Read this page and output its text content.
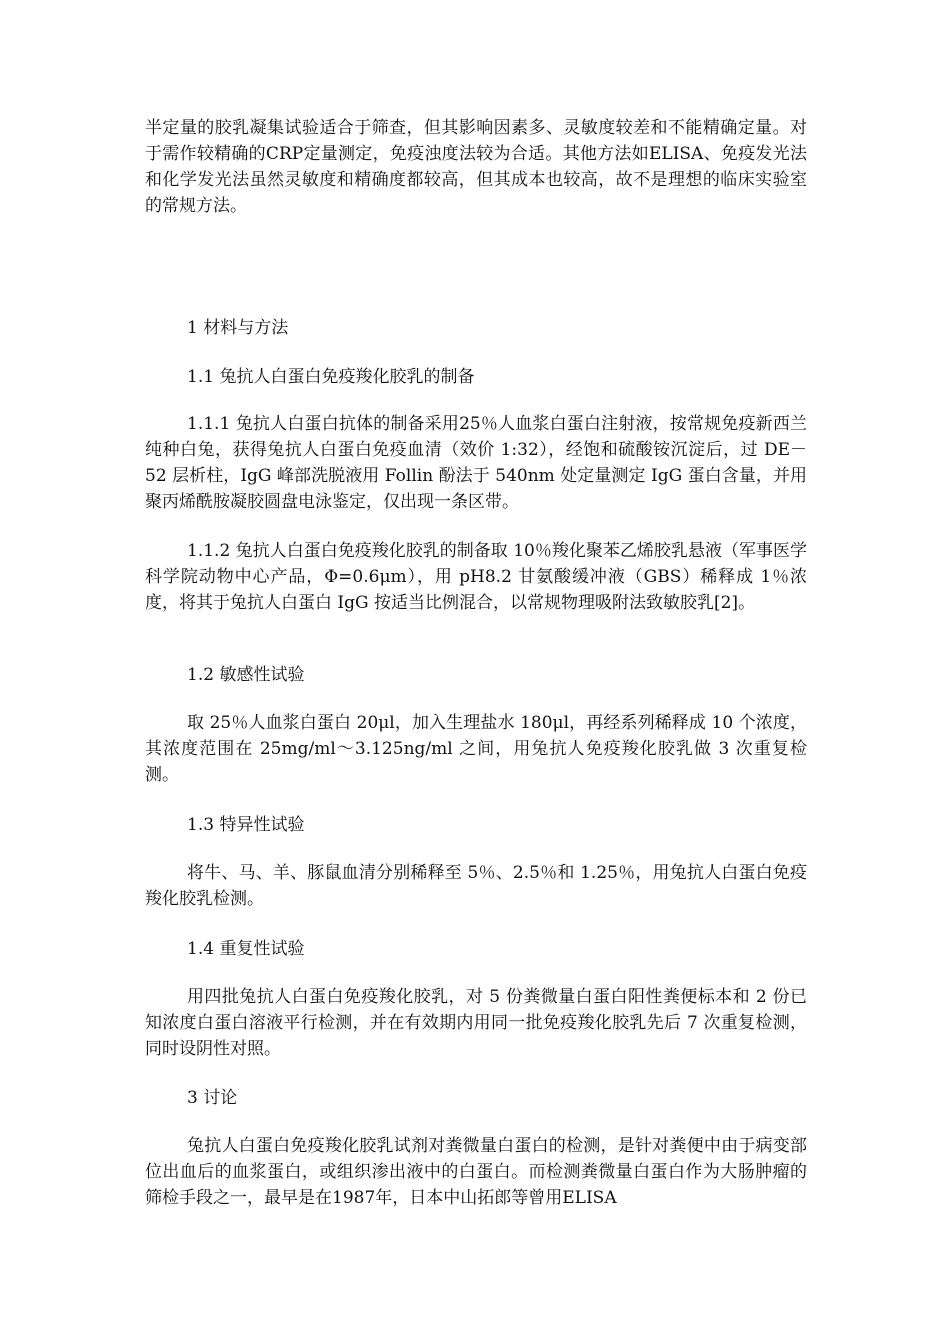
半定量的胶乳凝集试验适合于筛查，但其影响因素多、灵敏度较差和不能精确定量。对于需作较精确的CRP定量测定，免疫浊度法较为合适。其他方法如ELISA、免疫发光法和化学发光法虽然灵敏度和精确度都较高，但其成本也较高，故不是理想的临床实验室的常规方法。

1 材料与方法

1.1 兔抗人白蛋白免疫羧化胶乳的制备

1.1.1 兔抗人白蛋白抗体的制备采用25％人血浆白蛋白注射液，按常规免疫新西兰纯种白兔，获得兔抗人白蛋白免疫血清（效价 1:32），经饱和硫酸铵沉淀后，过 DE－52 层析柱，IgG 峰部洗脱液用 Follin 酚法于 540nm 处定量测定 IgG 蛋白含量，并用聚丙烯酰胺凝胶圆盘电泳鉴定，仅出现一条区带。

1.1.2 兔抗人白蛋白免疫羧化胶乳的制备取 10％羧化聚苯乙烯胶乳悬液（军事医学科学院动物中心产品，Φ=0.6μm），用 pH8.2 甘氨酸缓冲液（GBS）稀释成 1％浓度，将其于兔抗人白蛋白 IgG 按适当比例混合，以常规物理吸附法致敏胶乳[2]。

1.2 敏感性试验

取 25％人血浆白蛋白 20μl，加入生理盐水 180μl，再经系列稀释成 10 个浓度，其浓度范围在 25mg/ml～3.125ng/ml 之间，用兔抗人免疫羧化胶乳做 3 次重复检测。

1.3 特异性试验

将牛、马、羊、豚鼠血清分别稀释至 5％、2.5％和 1.25％，用兔抗人白蛋白免疫羧化胶乳检测。

1.4 重复性试验

用四批兔抗人白蛋白免疫羧化胶乳，对 5 份粪微量白蛋白阳性粪便标本和 2 份已知浓度白蛋白溶液平行检测，并在有效期内用同一批免疫羧化胶乳先后 7 次重复检测，同时设阴性对照。

3 讨论

兔抗人白蛋白免疫羧化胶乳试剂对粪微量白蛋白的检测，是针对粪便中由于病变部位出血后的血浆蛋白，或组织渗出液中的白蛋白。而检测粪微量白蛋白作为大肠肿瘤的筛检手段之一，最早是在1987年，日本中山拓郎等曾用ELISA
